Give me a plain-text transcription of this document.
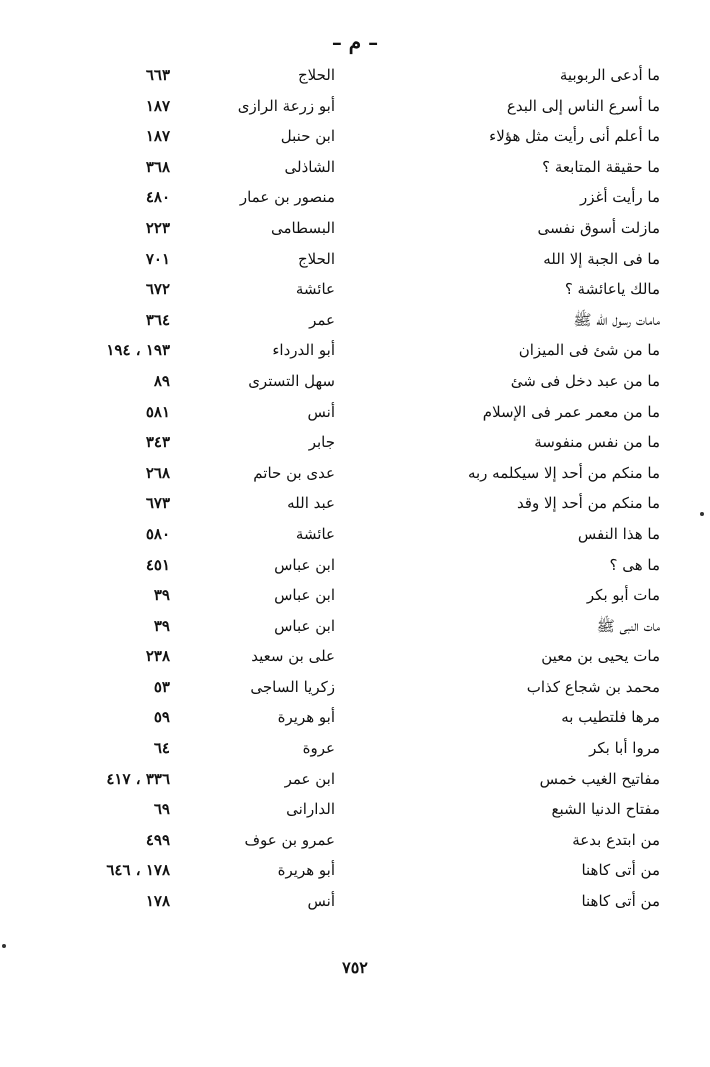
– م –
ما أدعى الربوبية
الحلاج
٦٦٣
ما أسرع الناس إلى البدع
أبو زرعة الرازى
١٨٧
ما أعلم أنى رأيت مثل هؤلاء
ابن حنبل
١٨٧
ما حقيقة المتابعة ؟
الشاذلى
٣٦٨
ما رأيت أغزر
منصور بن عمار
٤٨٠
مازلت أسوق نفسى
البسطامى
٢٢٣
ما فى الجبة إلا الله
الحلاج
٧٠١
مالك ياعائشة ؟
عائشة
٦٧٢
مامات رسول الله ﷺ
عمر
٣٦٤
ما من شئ فى الميزان
أبو الدرداء
١٩٣ ، ١٩٤
ما من عبد دخل فى شئ
سهل التسترى
٨٩
ما من معمر عمر فى الإسلام
أنس
٥٨١
ما من نفس منفوسة
جابر
٣٤٣
ما منكم من أحد إلا سيكلمه ربه
عدى بن حاتم
٢٦٨
ما منكم من أحد إلا وقد
عبد الله
٦٧٣
ما هذا النفس
عائشة
٥٨٠
ما هى ؟
ابن عباس
٤٥١
مات أبو بكر
ابن عباس
٣٩
مات النبى ﷺ
ابن عباس
٣٩
مات يحيى بن معين
على بن سعيد
٢٣٨
محمد بن شجاع كذاب
زكريا الساجى
٥٣
مرها فلتطيب به
أبو هريرة
٥٩
مروا أبا بكر
عروة
٦٤
مفاتيح الغيب خمس
ابن عمر
٣٣٦ ، ٤١٧
مفتاح الدنيا الشبع
الدارانى
٦٩
من ابتدع بدعة
عمرو بن عوف
٤٩٩
من أتى كاهنا
أبو هريرة
١٧٨ ، ٦٤٦
من أتى كاهنا
أنس
١٧٨
٧٥٢
